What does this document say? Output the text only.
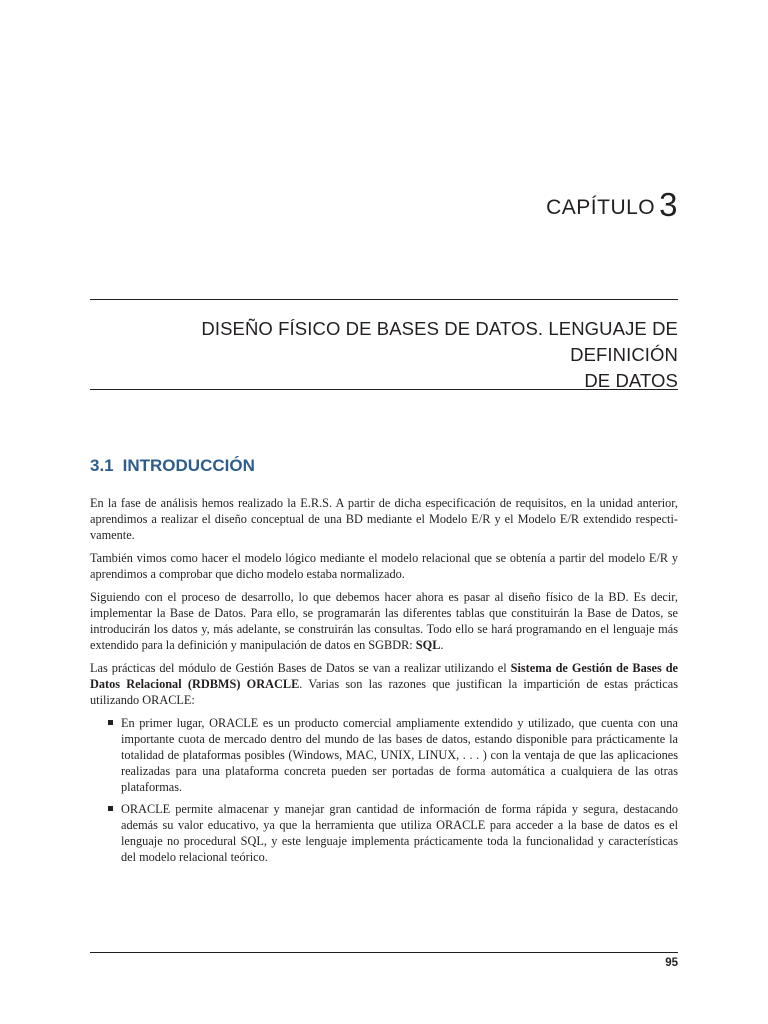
CAPÍTULO 3
DISEÑO FÍSICO DE BASES DE DATOS. LENGUAJE DE DEFINICIÓN
DE DATOS
3.1 INTRODUCCIÓN

En la fase de análisis hemos realizado la E.R.S. A partir de dicha especificación de requisitos, en la unidad anterior, aprendimos a realizar el diseño conceptual de una BD mediante el Modelo E/R y el Modelo E/R extendido respectivamente.

También vimos como hacer el modelo lógico mediante el modelo relacional que se obtenía a partir del modelo E/R y aprendimos a comprobar que dicho modelo estaba normalizado.

Siguiendo con el proceso de desarrollo, lo que debemos hacer ahora es pasar al diseño físico de la BD. Es decir, implementar la Base de Datos. Para ello, se programarán las diferentes tablas que constituirán la Base de Datos, se introducirán los datos y, más adelante, se construirán las consultas. Todo ello se hará programando en el lenguaje más extendido para la definición y manipulación de datos en SGBDR: SQL.

Las prácticas del módulo de Gestión Bases de Datos se van a realizar utilizando el Sistema de Gestión de Bases de Datos Relacional (RDBMS) ORACLE. Varias son las razones que justifican la impartición de estas prácticas utilizando ORACLE:

En primer lugar, ORACLE es un producto comercial ampliamente extendido y utilizado, que cuenta con una importante cuota de mercado dentro del mundo de las bases de datos, estando disponible para prácticamente la totalidad de plataformas posibles (Windows, MAC, UNIX, LINUX, . . . ) con la ventaja de que las aplicaciones realizadas para una plataforma concreta pueden ser portadas de forma automática a cualquiera de las otras plataformas.
ORACLE permite almacenar y manejar gran cantidad de información de forma rápida y segura, destacando además su valor educativo, ya que la herramienta que utiliza ORACLE para acceder a la base de datos es el lenguaje no procedural SQL, y este lenguaje implementa prácticamente toda la funcionalidad y características del modelo relacional teórico.
95
